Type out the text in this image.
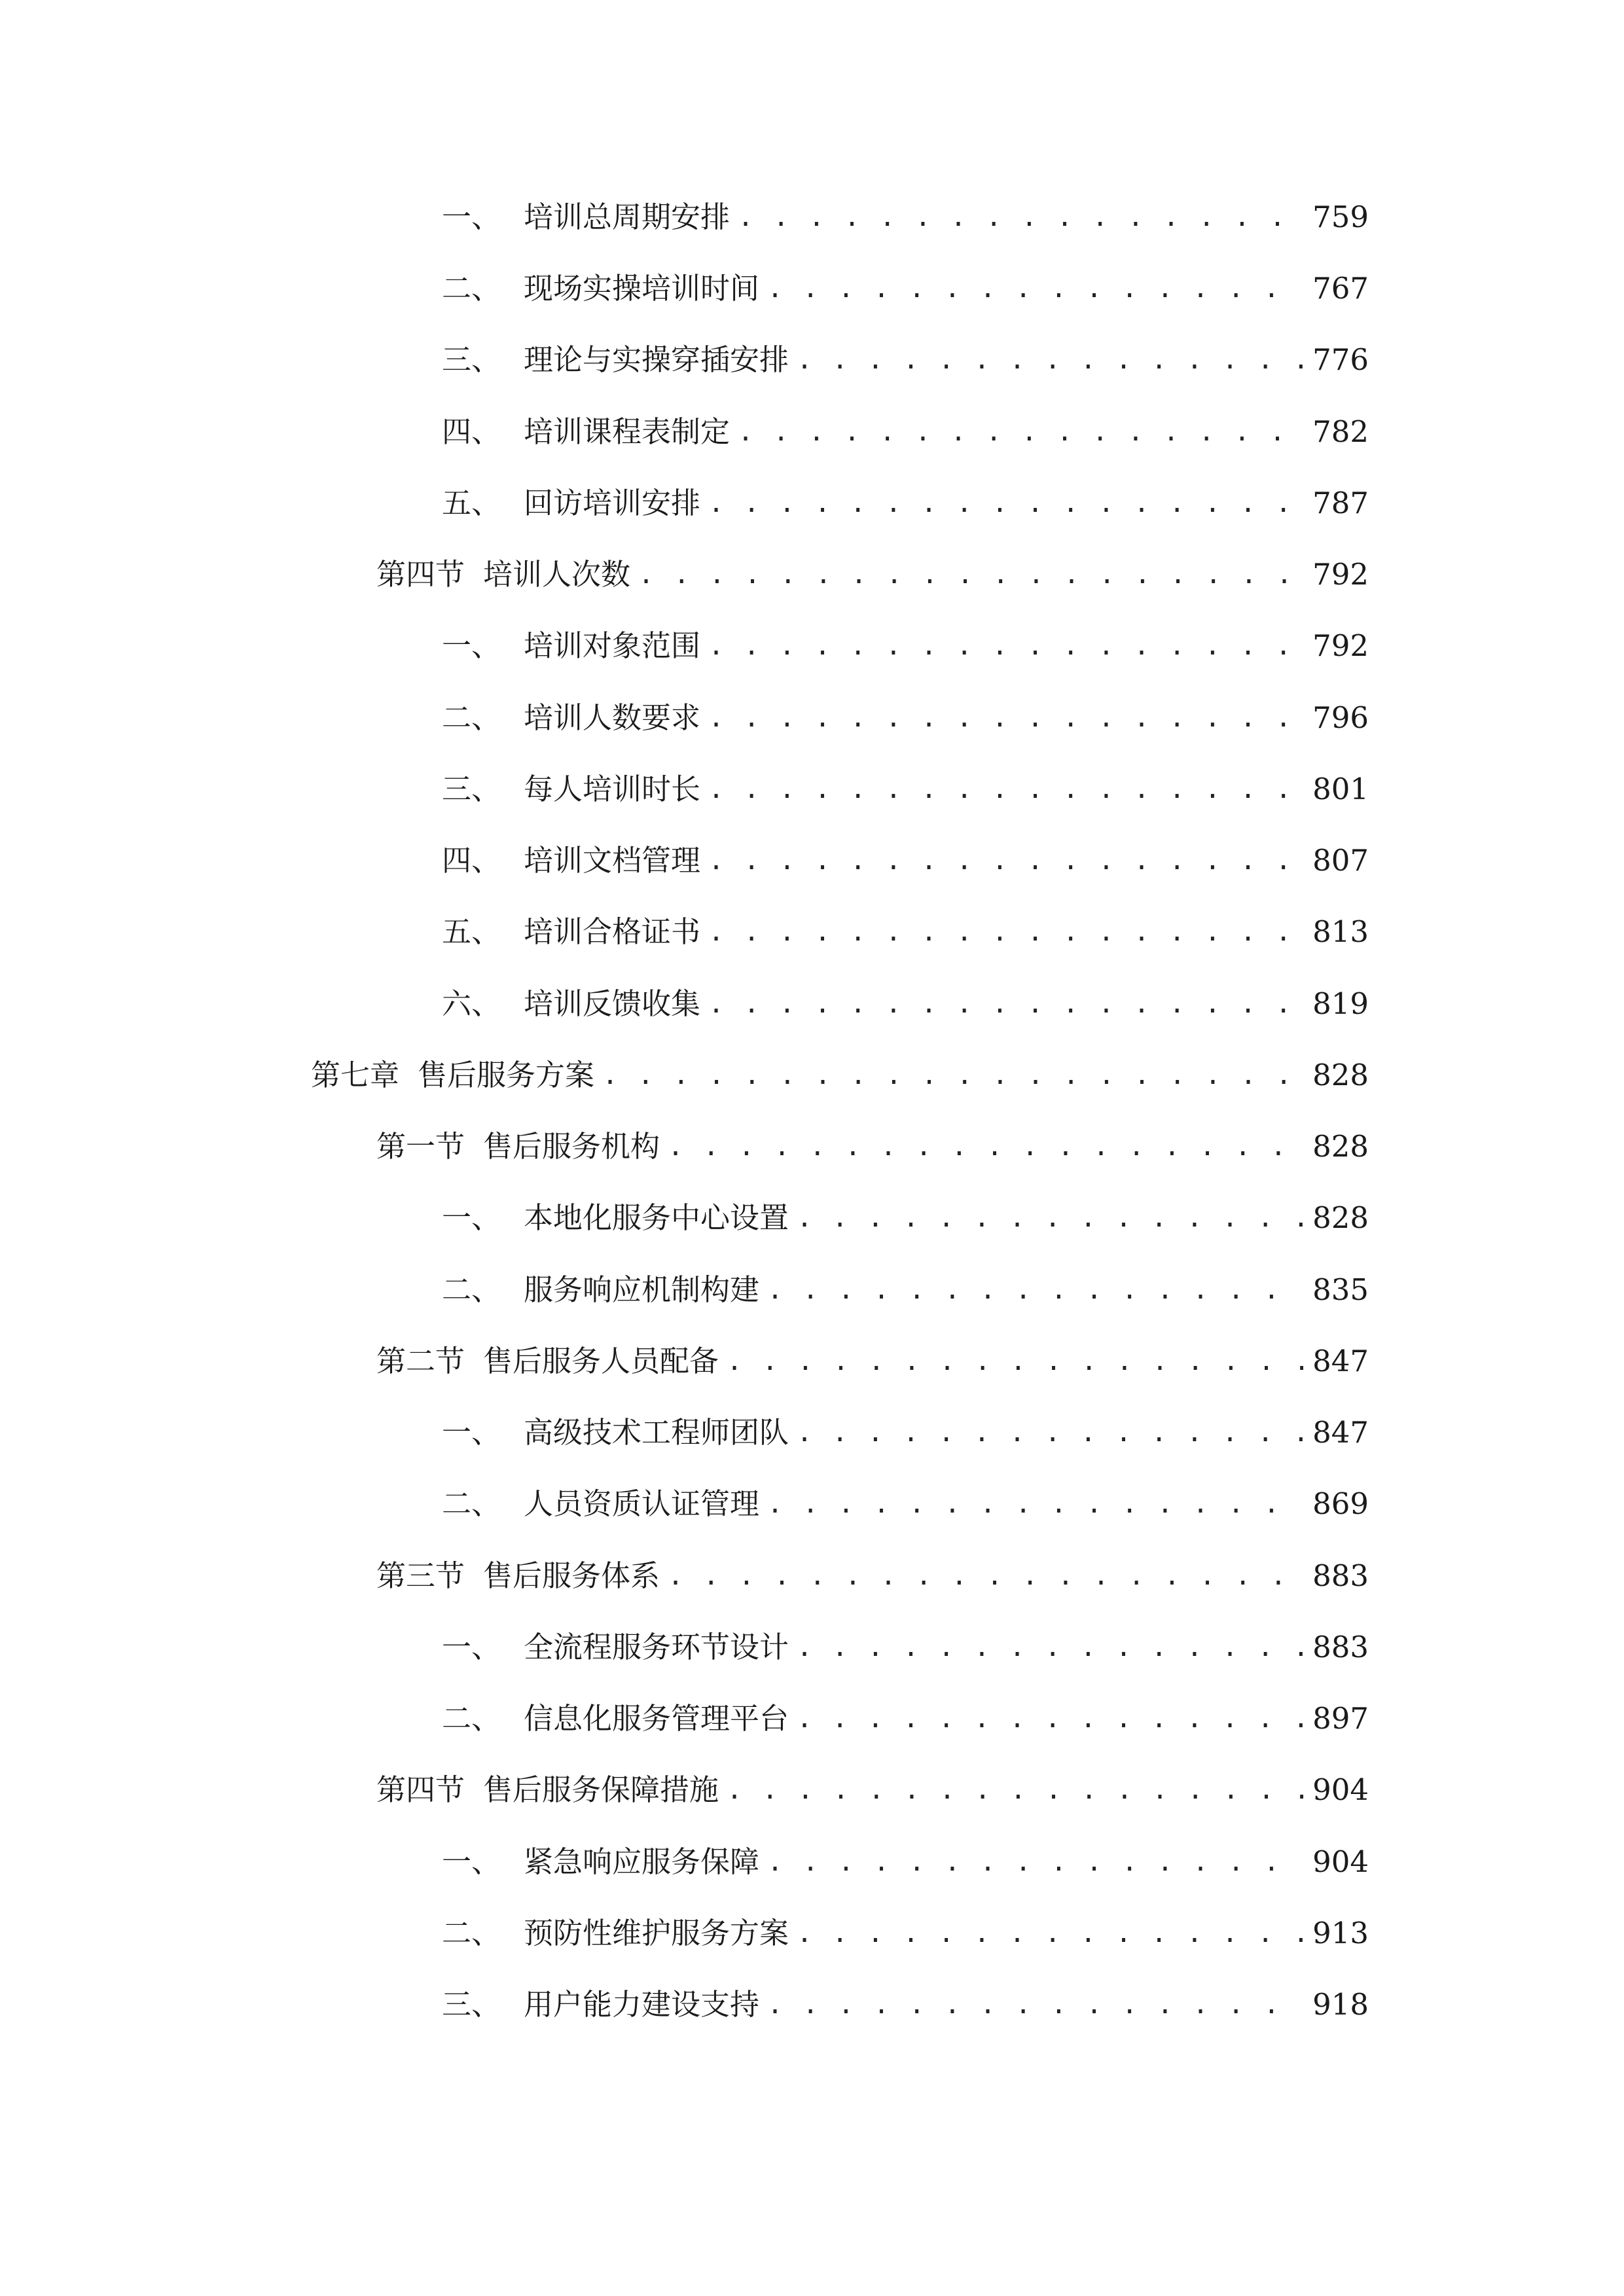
一、 培训总周期安排 . . .	759
二、 现场实操培训时间 . . .	767
三、 理论与实操穿插安排 . . .	776
四、 培训课程表制定 . . .	782
五、 回访培训安排 . . .	787
第四节 培训人次数 . . .	792
一、 培训对象范围 . . .	792
二、 培训人数要求 . . .	796
三、 每人培训时长 . . .	801
四、 培训文档管理 . . .	807
五、 培训合格证书 . . .	813
六、 培训反馈收集 . . .	819
第七章 售后服务方案 . . .	828
第一节 售后服务机构 . . .	828
一、 本地化服务中心设置 . . .	828
二、 服务响应机制构建 . . .	835
第二节 售后服务人员配备 . . .	847
一、 高级技术工程师团队 . . .	847
二、 人员资质认证管理 . . .	869
第三节 售后服务体系 . . .	883
一、 全流程服务环节设计 . . .	883
二、 信息化服务管理平台 . . .	897
第四节 售后服务保障措施 . . .	904
一、 紧急响应服务保障 . . .	904
二、 预防性维护服务方案 . . .	913
三、 用户能力建设支持 . . .	918
